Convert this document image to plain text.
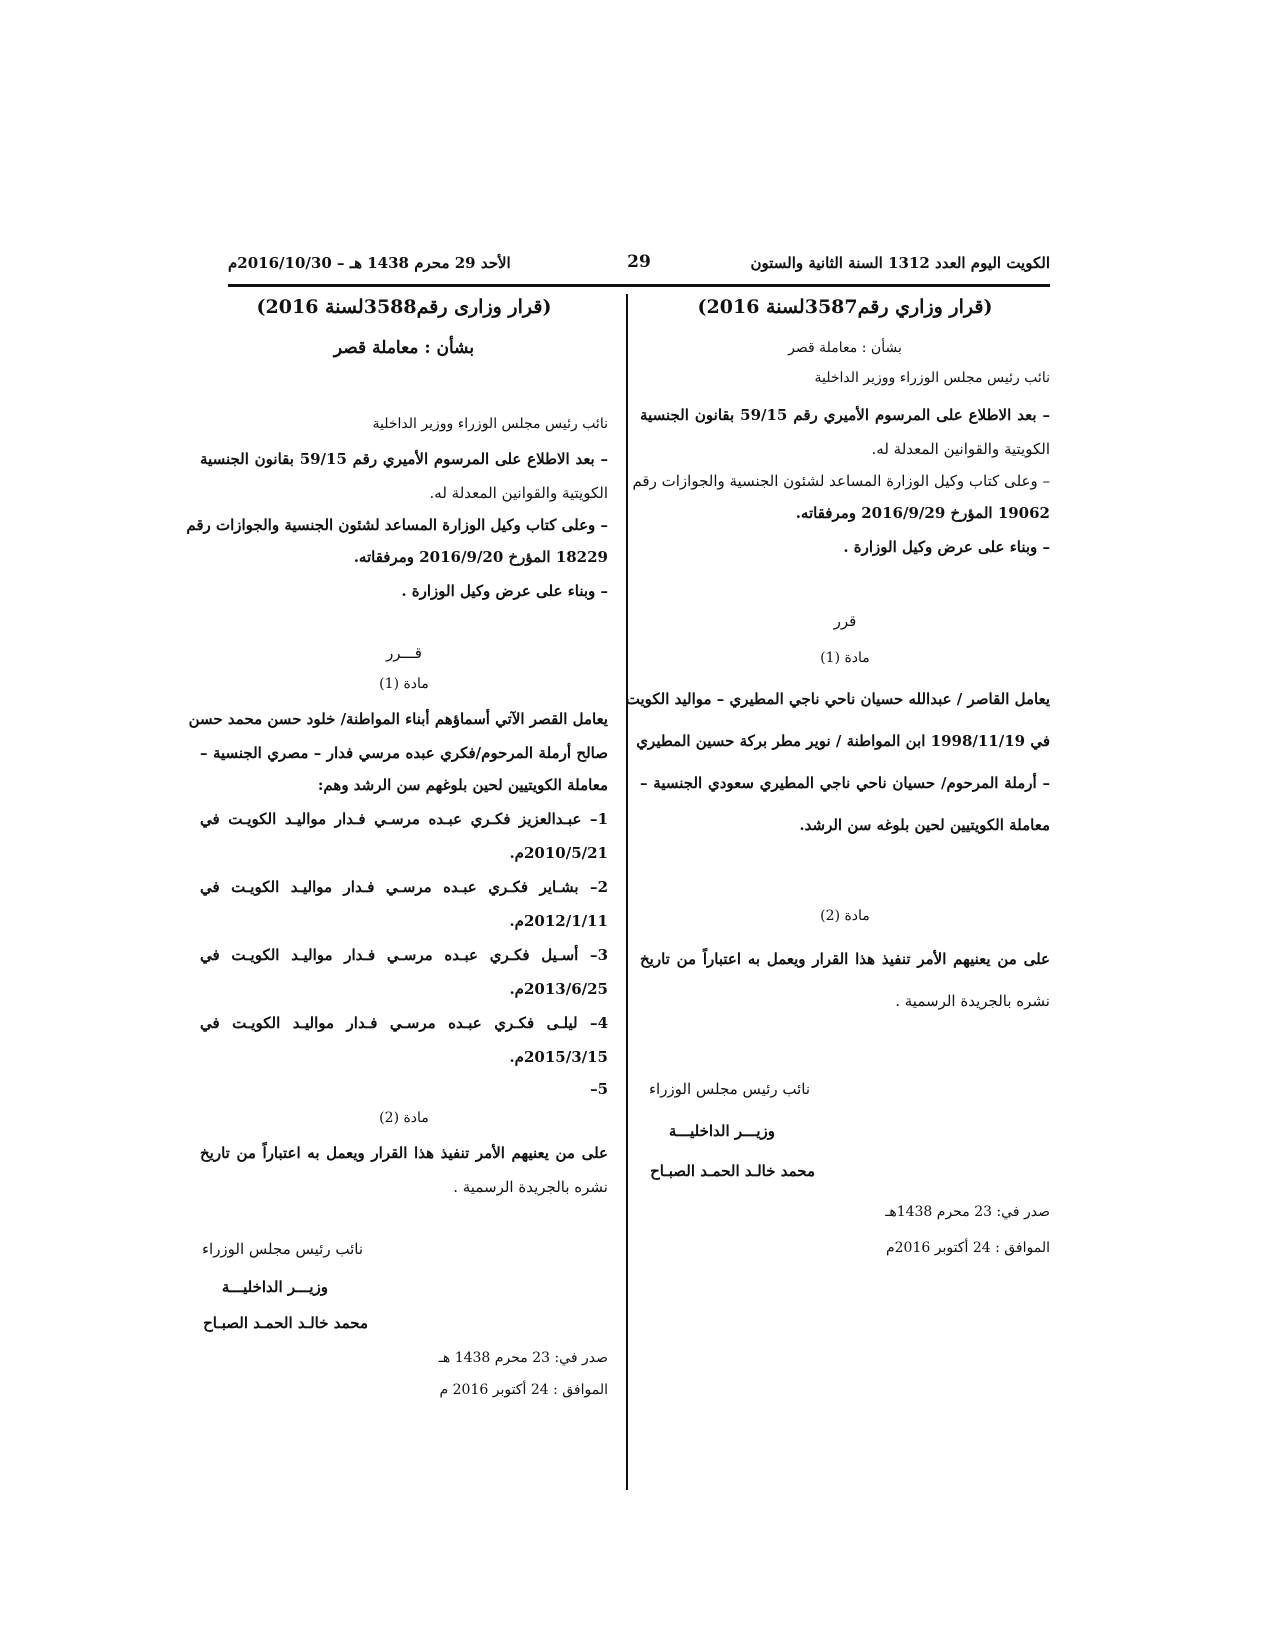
الكويت اليوم العدد 1312 السنة الثانية والستون
29
الأحد 29 محرم 1438 هـ – 2016/10/30م
(قرار وزاري رقم3587لسنة 2016)
بشأن : معاملة قصر
نائب رئيس مجلس الوزراء ووزير الداخلية
– بعد الاطلاع على المرسوم الأميري رقم 59/15 بقانون الجنسية
الكويتية والقوانين المعدلة له.
– وعلى كتاب وكيل الوزارة المساعد لشئون الجنسية والجوازات رقم
19062 المؤرخ 2016/9/29 ومرفقاته.
– وبناء على عرض وكيل الوزارة .
قرر
مادة (1)
يعامل القاصر / عبدالله حسيان ناحي ناجي المطيري – مواليد الكويت
في 1998/11/19 ابن المواطنة / نوير مطر بركة حسين المطيري
– أرملة المرحوم/ حسيان ناحي ناجي المطيري سعودي الجنسية –
معاملة الكويتيين لحين بلوغه سن الرشد.
مادة (2)
على من يعنيهم الأمر تنفيذ هذا القرار ويعمل به اعتباراً من تاريخ
نشره بالجريدة الرسمية .
نائب رئيس مجلس الوزراء
وزيـــر الداخليـــة
محمد خالـد الحمـد الصبـاح
صدر في: 23 محرم 1438هـ
الموافق : 24 أكتوبر 2016م
(قرار وزارى رقم3588لسنة 2016)
بشأن : معاملة قصر
نائب رئيس مجلس الوزراء ووزير الداخلية
– بعد الاطلاع على المرسوم الأميري رقم 59/15 بقانون الجنسية
الكويتية والقوانين المعدلة له.
– وعلى كتاب وكيل الوزارة المساعد لشئون الجنسية والجوازات رقم
18229 المؤرخ 2016/9/20 ومرفقاته.
– وبناء على عرض وكيل الوزارة .
قـــرر
مادة (1)
يعامل القصر الآتي أسماؤهم أبناء المواطنة/ خلود حسن محمد حسن
صالح أرملة المرحوم/فكري عبده مرسي فدار – مصري الجنسية –
معاملة الكويتيين لحين بلوغهم سن الرشد وهم:
1– عبـدالعزيز فكـري عبـده مرسـي فـدار مواليـد الكويـت في
2010/5/21م.
2– بشـاير فكـري عبـده مرسـي فـدار مواليـد الكويـت في
2012/1/11م.
3– أسـيل فكـري عبـده مرسـي فـدار مواليـد الكويـت في
2013/6/25م.
4– ليلـى فكـري عبـده مرسـي فـدار مواليـد الكويـت في
2015/3/15م.
5–
مادة (2)
على من يعنيهم الأمر تنفيذ هذا القرار ويعمل به اعتباراً من تاريخ
نشره بالجريدة الرسمية .
نائب رئيس مجلس الوزراء
وزيـــر الداخليـــة
محمد خالـد الحمـد الصبـاح
صدر في: 23 محرم 1438 هـ
الموافق : 24 أكتوبر 2016 م
